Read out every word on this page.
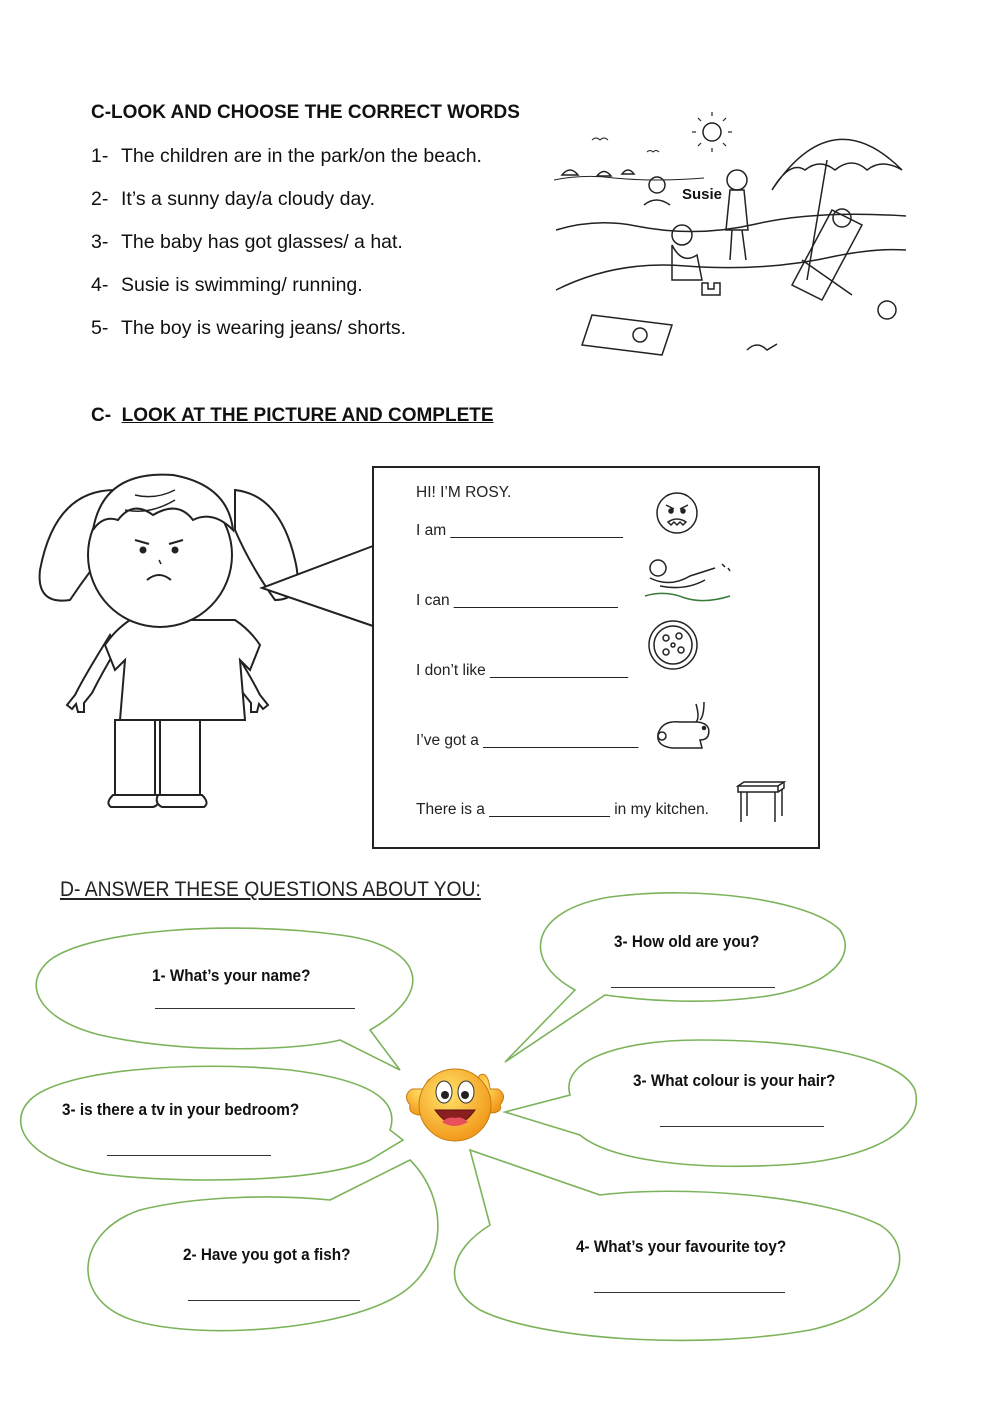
C-LOOK AND CHOOSE THE CORRECT WORDS
1- The children are in the park/on the beach.
2- It’s a sunny day/a cloudy day.
3- The baby has got glasses/ a hat.
4- Susie is swimming/ running.
5- The boy is wearing jeans/ shorts.
Susie
C- LOOK AT THE PICTURE AND COMPLETE
HI! I’M ROSY.
I am ____________________
I can ___________________
I don’t like ________________
I’ve got a __________________
There is a ______________ in my kitchen.
D- ANSWER THESE QUESTIONS ABOUT YOU:
1- What’s your name?
3- How old are you?
3- is there a tv in your bedroom?
3- What colour is your hair?
2- Have you got a fish?	4- What’s your favourite toy?
